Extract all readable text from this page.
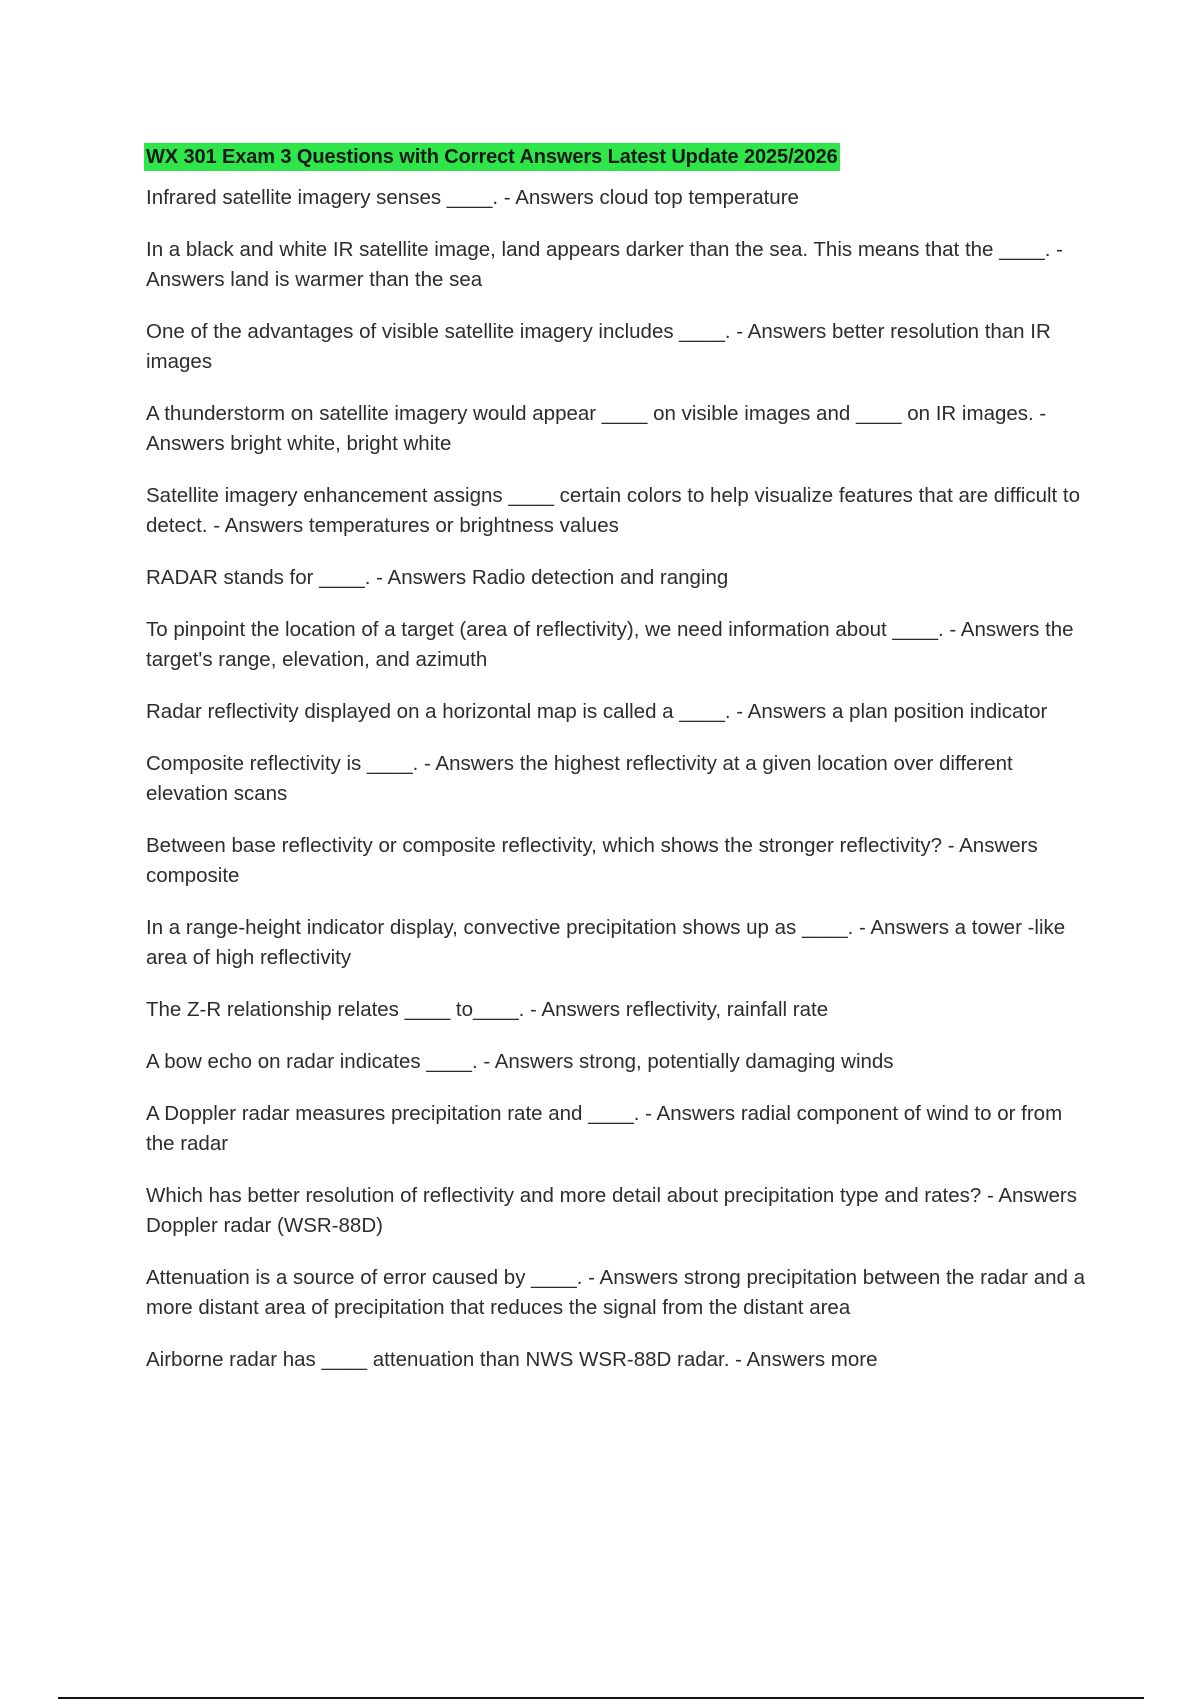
WX 301 Exam 3 Questions with Correct Answers Latest Update 2025/2026
Infrared satellite imagery senses ____. - Answers cloud top temperature
In a black and white IR satellite image, land appears darker than the sea. This means that the ____. - Answers land is warmer than the sea
One of the advantages of visible satellite imagery includes ____. - Answers better resolution than IR images
A thunderstorm on satellite imagery would appear ____ on visible images and ____ on IR images. - Answers bright white, bright white
Satellite imagery enhancement assigns ____ certain colors to help visualize features that are difficult to detect. - Answers temperatures or brightness values
RADAR stands for ____. - Answers Radio detection and ranging
To pinpoint the location of a target (area of reflectivity), we need information about ____. - Answers the target's range, elevation, and azimuth
Radar reflectivity displayed on a horizontal map is called a ____. - Answers a plan position indicator
Composite reflectivity is ____. - Answers the highest reflectivity at a given location over different elevation scans
Between base reflectivity or composite reflectivity, which shows the stronger reflectivity? - Answers composite
In a range-height indicator display, convective precipitation shows up as ____. - Answers a tower -like area of high reflectivity
The Z-R relationship relates ____ to____. - Answers reflectivity, rainfall rate
A bow echo on radar indicates ____. - Answers strong, potentially damaging winds
A Doppler radar measures precipitation rate and ____. - Answers radial component of wind to or from the radar
Which has better resolution of reflectivity and more detail about precipitation type and rates? - Answers Doppler radar (WSR-88D)
Attenuation is a source of error caused by ____. - Answers strong precipitation between the radar and a more distant area of precipitation that reduces the signal from the distant area
Airborne radar has ____ attenuation than NWS WSR-88D radar. - Answers more
